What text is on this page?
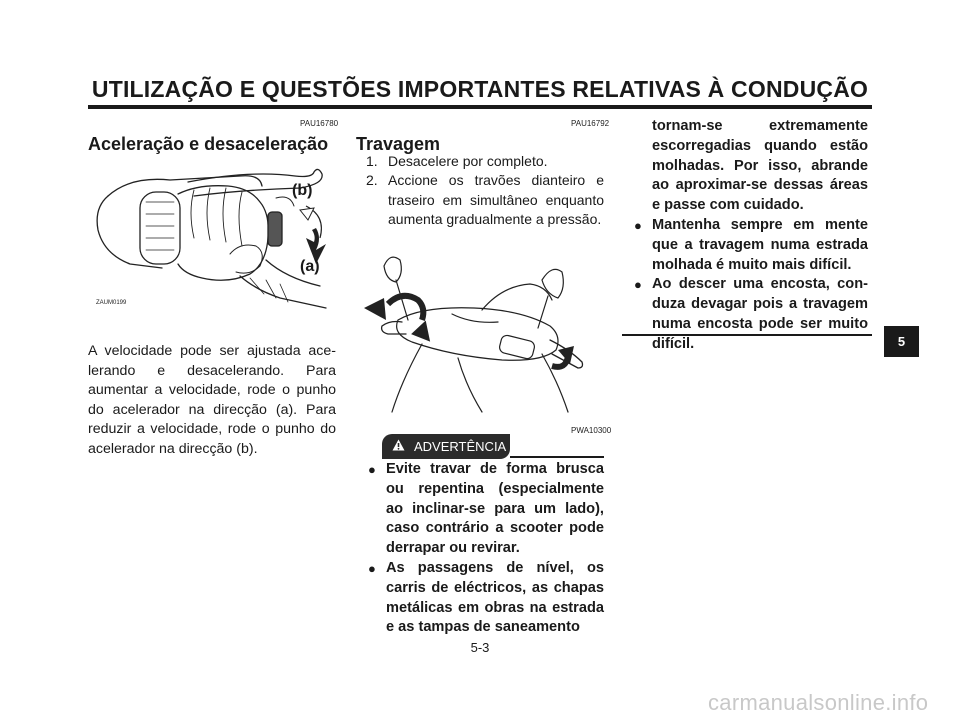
UTILIZAÇÃO E QUESTÕES IMPORTANTES RELATIVAS À CONDUÇÃO
PAU16780
Aceleração e desaceleração
(b)
(a)
ZAUM0199

A velocidade pode ser ajustada acelerando e desacelerando. Para aumentar a velocidade, rode o punho do acelerador na direcção (a). Para reduzir a velocidade, rode o punho do acelerador na direcção (b).

PAU16792
Travagem
1. Desacelere por completo.
2. Accione os travões dianteiro e traseiro em simultâneo enquanto aumenta gradualmente a pressão.
PWA10300
ADVERTÊNCIA
● Evite travar de forma brusca ou repentina (especialmente ao inclinar-se para um lado), caso contrário a scooter pode derrapar ou revirar.
● As passagens de nível, os carris de eléctricos, as chapas metálicas em obras na estrada e as tampas de saneamento
tornam-se extremamente escorregadias quando estão molhadas. Por isso, abrande ao aproximar-se dessas áreas e passe com cuidado.
● Mantenha sempre em mente que a travagem numa estrada molhada é muito mais difícil.
● Ao descer uma encosta, conduza devagar pois a travagem numa encosta pode ser muito difícil.	5
5-3
carmanualsonline.info
